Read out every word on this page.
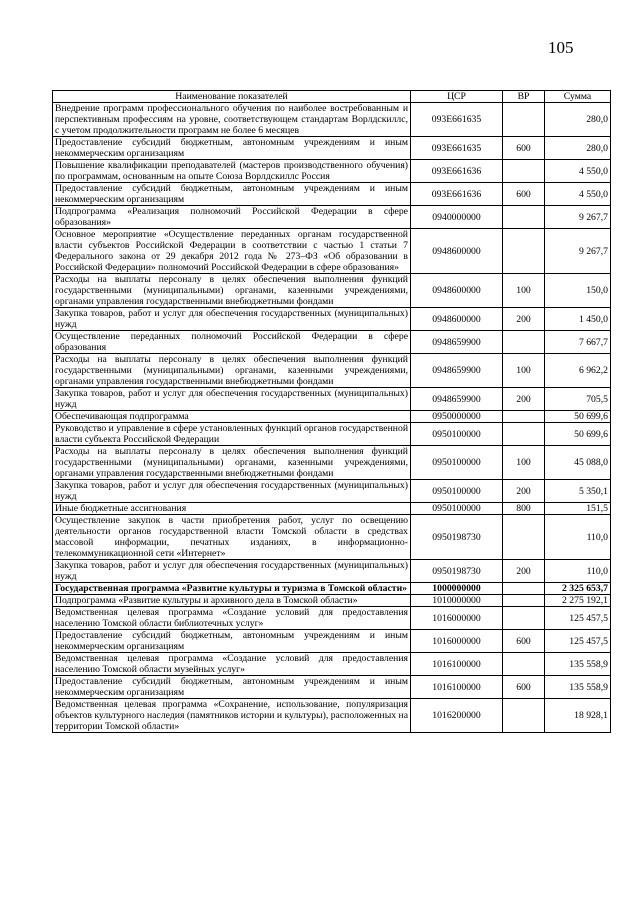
105
Наименование показателей	ЦСР	ВР	Сумма
Внедрение программ профессионального обучения по наиболее востребованным и перспективным профессиям на уровне, соответствующем стандартам Ворлдскиллс, с учетом продолжительности программ не более 6 месяцев	093E661635		280,0
Предоставление субсидий бюджетным, автономным учреждениям и иным некоммерческим организациям	093E661635	600	280,0
Повышение квалификации преподавателей (мастеров производственного обучения) по программам, основанным на опыте Союза Ворлдскиллс Россия	093E661636		4 550,0
Предоставление субсидий бюджетным, автономным учреждениям и иным некоммерческим организациям	093E661636	600	4 550,0
Подпрограмма «Реализация полномочий Российской Федерации в сфере образования»	0940000000		9 267,7
Основное мероприятие «Осуществление переданных органам государственной власти субъектов Российской Федерации в соответствии с частью 1 статьи 7 Федерального закона от 29 декабря 2012 года № 273–ФЗ «Об образовании в Российской Федерации» полномочий Российской Федерации в сфере образования»	0948600000		9 267,7
Расходы на выплаты персоналу в целях обеспечения выполнения функций государственными (муниципальными) органами, казенными учреждениями, органами управления государственными внебюджетными фондами	0948600000	100	150,0
Закупка товаров, работ и услуг для обеспечения государственных (муниципальных) нужд	0948600000	200	1 450,0
Осуществление переданных полномочий Российской Федерации в сфере образования	0948659900		7 667,7
Расходы на выплаты персоналу в целях обеспечения выполнения функций государственными (муниципальными) органами, казенными учреждениями, органами управления государственными внебюджетными фондами	0948659900	100	6 962,2
Закупка товаров, работ и услуг для обеспечения государственных (муниципальных) нужд	0948659900	200	705,5
Обеспечивающая подпрограмма	0950000000		50 699,6
Руководство и управление в сфере установленных функций органов государственной власти субъекта Российской Федерации	0950100000		50 699,6
Расходы на выплаты персоналу в целях обеспечения выполнения функций государственными (муниципальными) органами, казенными учреждениями, органами управления государственными внебюджетными фондами	0950100000	100	45 088,0
Закупка товаров, работ и услуг для обеспечения государственных (муниципальных) нужд	0950100000	200	5 350,1
Иные бюджетные ассигнования	0950100000	800	151,5
Осуществление закупок в части приобретения работ, услуг по освещению деятельности органов государственной власти Томской области в средствах массовой информации, печатных изданиях, в информационно-телекоммуникационной сети «Интернет»	0950198730		110,0
Закупка товаров, работ и услуг для обеспечения государственных (муниципальных) нужд	0950198730	200	110,0
Государственная программа «Развитие культуры и туризма в Томской области»	1000000000		2 325 653,7
Подпрограмма «Развитие культуры и архивного дела в Томской области»	1010000000		2 275 192,1
Ведомственная целевая программа «Создание условий для предоставления населению Томской области библиотечных услуг»	1016000000		125 457,5
Предоставление субсидий бюджетным, автономным учреждениям и иным некоммерческим организациям	1016000000	600	125 457,5
Ведомственная целевая программа «Создание условий для предоставления населению Томской области музейных услуг»	1016100000		135 558,9
Предоставление субсидий бюджетным, автономным учреждениям и иным некоммерческим организациям	1016100000	600	135 558,9
Ведомственная целевая программа «Сохранение, использование, популяризация объектов культурного наследия (памятников истории и культуры), расположенных на территории Томской области»	1016200000		18 928,1
